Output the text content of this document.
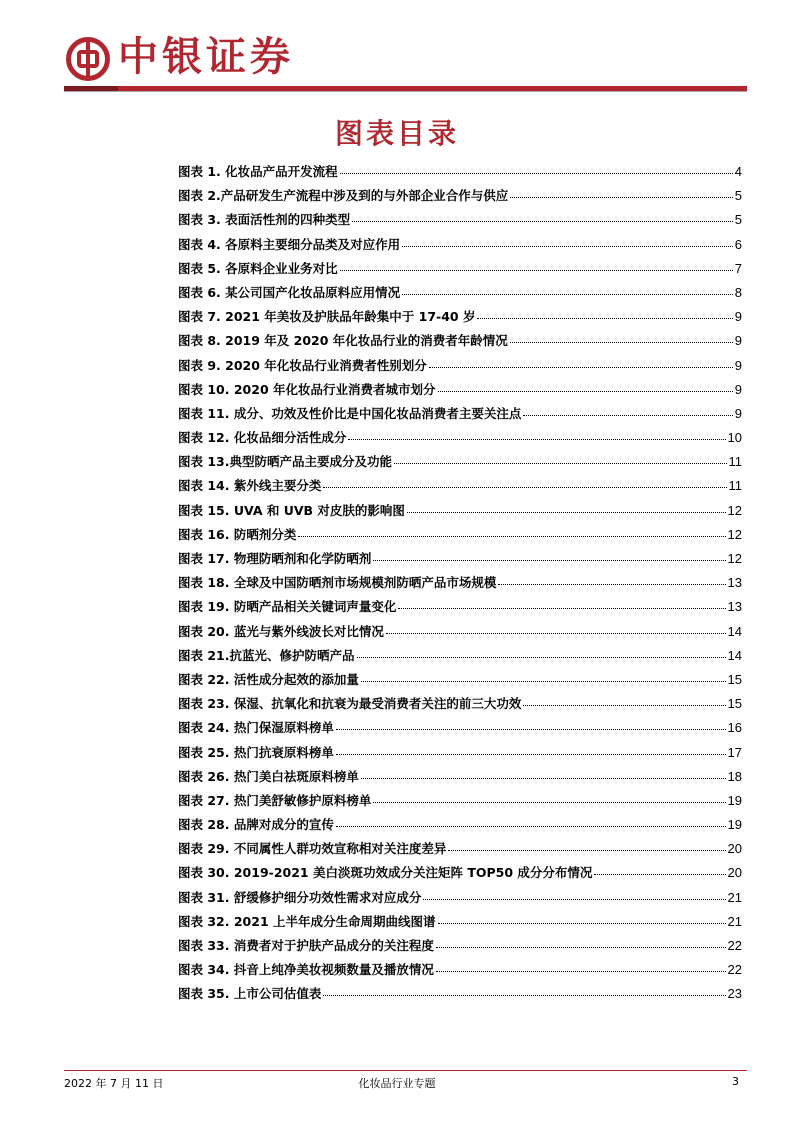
中银证券
图表目录
图表 1. 化妆品产品开发流程	4
图表 2.产品研发生产流程中涉及到的与外部企业合作与供应	5
图表 3. 表面活性剂的四种类型	5
图表 4. 各原料主要细分品类及对应作用	6
图表 5. 各原料企业业务对比	7
图表 6. 某公司国产化妆品原料应用情况	8
图表 7. 2021 年美妆及护肤品年龄集中于 17-40 岁	9
图表 8. 2019 年及 2020 年化妆品行业的消费者年龄情况	9
图表 9. 2020 年化妆品行业消费者性别划分	9
图表 10. 2020 年化妆品行业消费者城市划分	9
图表 11. 成分、功效及性价比是中国化妆品消费者主要关注点	9
图表 12. 化妆品细分活性成分	10
图表 13.典型防晒产品主要成分及功能	11
图表 14. 紫外线主要分类	11
图表 15. UVA 和 UVB 对皮肤的影响图	12
图表 16. 防晒剂分类	12
图表 17. 物理防晒剂和化学防晒剂	12
图表 18. 全球及中国防晒剂市场规模剂防晒产品市场规模	13
图表 19. 防晒产品相关关键词声量变化	13
图表 20. 蓝光与紫外线波长对比情况	14
图表 21.抗蓝光、修护防晒产品	14
图表 22. 活性成分起效的添加量	15
图表 23. 保湿、抗氧化和抗衰为最受消费者关注的前三大功效	15
图表 24. 热门保湿原料榜单	16
图表 25. 热门抗衰原料榜单	17
图表 26. 热门美白祛斑原料榜单	18
图表 27. 热门美舒敏修护原料榜单	19
图表 28. 品牌对成分的宣传	19
图表 29. 不同属性人群功效宣称相对关注度差异	20
图表 30. 2019-2021 美白淡斑功效成分关注矩阵 TOP50 成分分布情况	20
图表 31. 舒缓修护细分功效性需求对应成分	21
图表 32. 2021 上半年成分生命周期曲线图谱	21
图表 33. 消费者对于护肤产品成分的关注程度	22
图表 34. 抖音上纯净美妆视频数量及播放情况	22
图表 35. 上市公司估值表	23
2022 年 7 月 11 日	化妆品行业专题	3
